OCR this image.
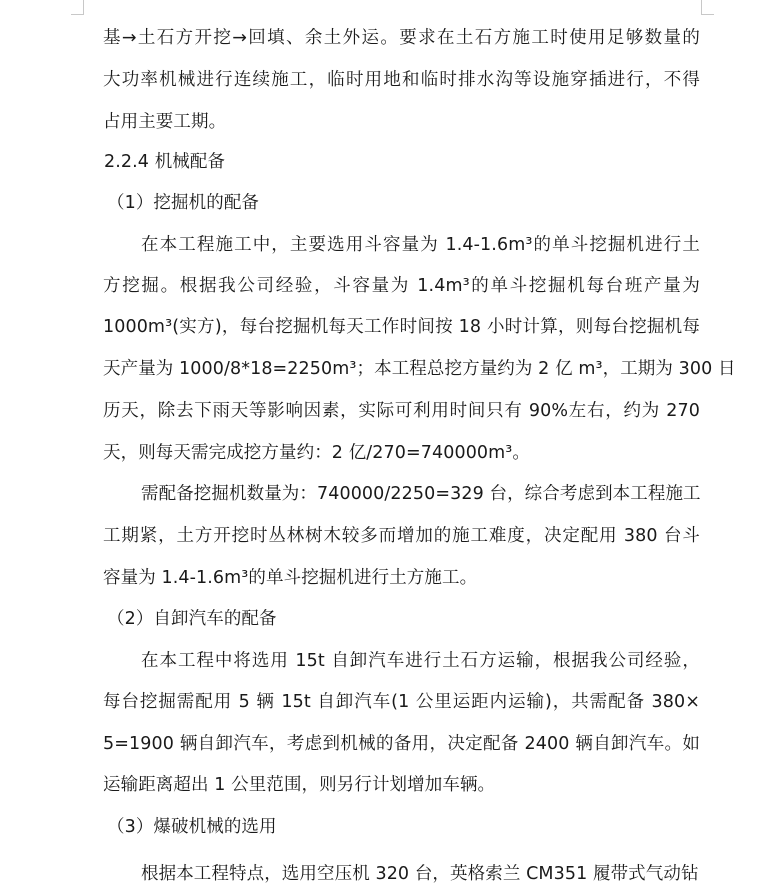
基→土石方开挖→回填、余土外运。要求在土石方施工时使用足够数量的
大功率机械进行连续施工，临时用地和临时排水沟等设施穿插进行，不得
占用主要工期。
2.2.4 机械配备
（1）挖掘机的配备
在本工程施工中，主要选用斗容量为 1.4-1.6m³的单斗挖掘机进行土
方挖掘。根据我公司经验，斗容量为 1.4m³的单斗挖掘机每台班产量为
1000m³(实方)，每台挖掘机每天工作时间按 18 小时计算，则每台挖掘机每
天产量为 1000/8*18=2250m³；本工程总挖方量约为 2 亿 m³，工期为 300 日
历天，除去下雨天等影响因素，实际可利用时间只有 90%左右，约为 270
天，则每天需完成挖方量约：2 亿/270=740000m³。
需配备挖掘机数量为：740000/2250=329 台，综合考虑到本工程施工
工期紧，土方开挖时丛林树木较多而增加的施工难度，决定配用 380 台斗
容量为 1.4-1.6m³的单斗挖掘机进行土方施工。
（2）自卸汽车的配备
在本工程中将选用 15t 自卸汽车进行土石方运输，根据我公司经验，
每台挖掘需配用 5 辆 15t 自卸汽车(1 公里运距内运输)，共需配备 380×
5=1900 辆自卸汽车，考虑到机械的备用，决定配备 2400 辆自卸汽车。如
运输距离超出 1 公里范围，则另行计划增加车辆。
（3）爆破机械的选用
根据本工程特点，选用空压机 320 台，英格索兰 CM351 履带式气动钻
